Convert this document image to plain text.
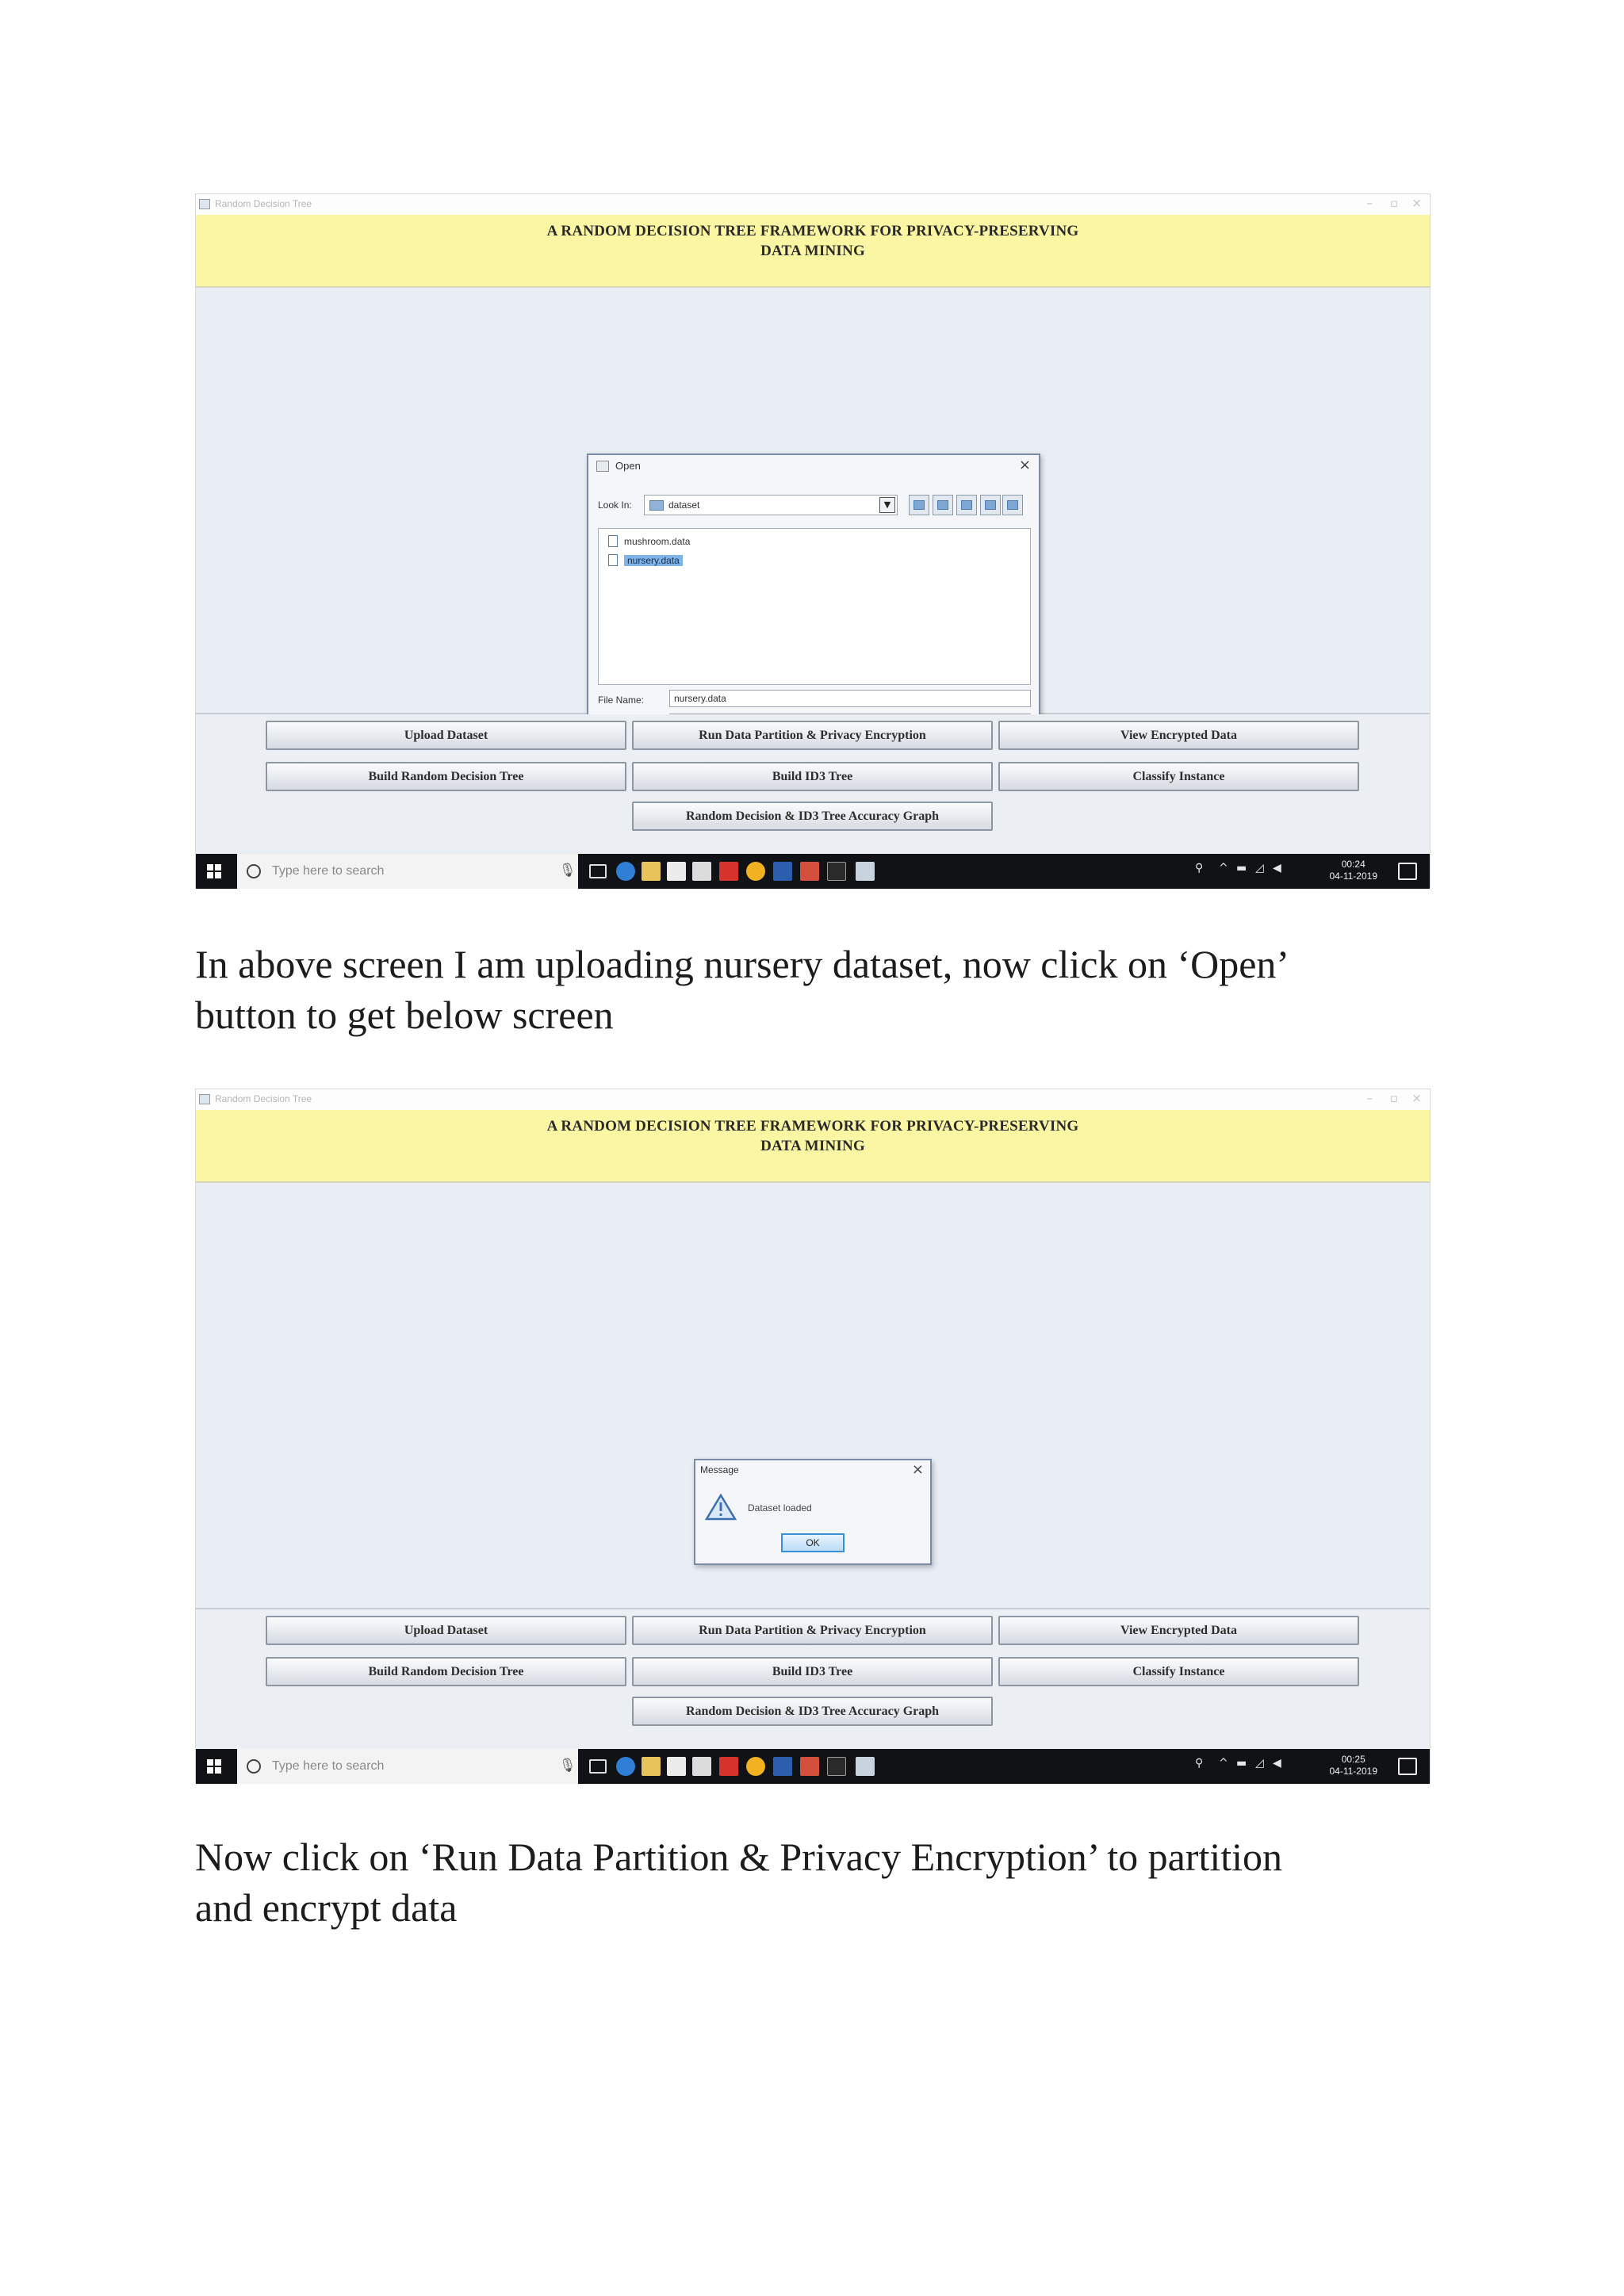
Random Decision Tree	– ▫ ×
A RANDOM DECISION TREE FRAMEWORK FOR PRIVACY-PRESERVING
DATA MINING
Open	×
Look In:	dataset	▼
mushroom.data
nursery.data
File Name:	nursery.data
Upload Dataset	Run Data Partition & Privacy Encryption	View Encrypted Data
Build Random Decision Tree	Build ID3 Tree	Classify Instance
Random Decision & ID3 Tree Accuracy Graph
Type here to search	🎙	⚲ ^ ▬ ◿ ◀	00:24
04-11-2019
In above screen I am uploading nursery dataset, now click on ‘Open’
button to get below screen
Random Decision Tree	– ▫ ×
A RANDOM DECISION TREE FRAMEWORK FOR PRIVACY-PRESERVING
DATA MINING
Message	×
Dataset loaded
OK
Upload Dataset	Run Data Partition & Privacy Encryption	View Encrypted Data
Build Random Decision Tree	Build ID3 Tree	Classify Instance
Random Decision & ID3 Tree Accuracy Graph
Type here to search	🎙	⚲ ^ ▬ ◿ ◀	00:25
04-11-2019
Now click on ‘Run Data Partition & Privacy Encryption’ to partition
and encrypt data
